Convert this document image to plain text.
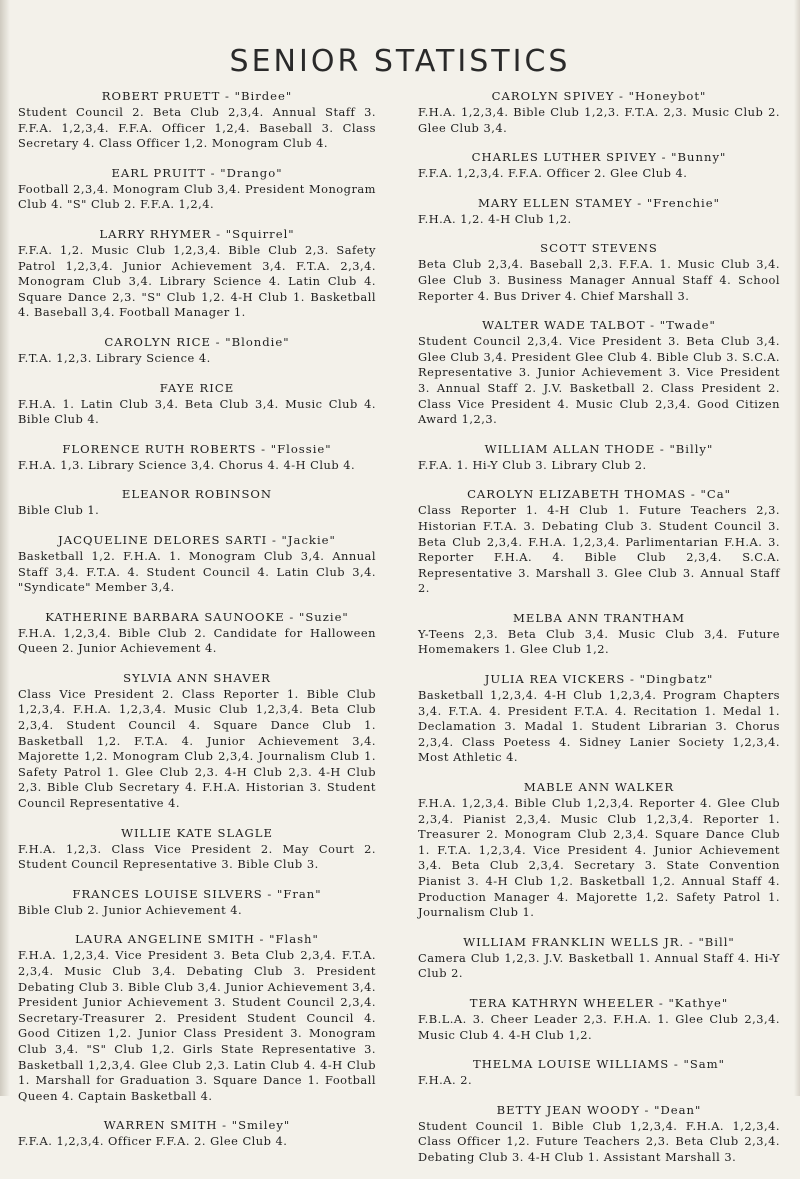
SENIOR STATISTICS
ROBERT PRUETT - "Birdee"
Student Council 2. Beta Club 2,3,4. Annual Staff 3. F.F.A. 1,2,3,4. F.F.A. Officer 1,2,4. Baseball 3. Class Secretary 4. Class Officer 1,2. Monogram Club 4.
EARL PRUITT - "Drango"
Football 2,3,4. Monogram Club 3,4. President Monogram Club 4. "S" Club 2. F.F.A. 1,2,4.
LARRY RHYMER - "Squirrel"
F.F.A. 1,2. Music Club 1,2,3,4. Bible Club 2,3. Safety Patrol 1,2,3,4. Junior Achievement 3,4. F.T.A. 2,3,4. Monogram Club 3,4. Library Science 4. Latin Club 4. Square Dance 2,3. "S" Club 1,2. 4-H Club 1. Basketball 4. Baseball 3,4. Football Manager 1.
CAROLYN RICE - "Blondie"
F.T.A. 1,2,3. Library Science 4.
FAYE RICE
F.H.A. 1. Latin Club 3,4. Beta Club 3,4. Music Club 4. Bible Club 4.
FLORENCE RUTH ROBERTS - "Flossie"
F.H.A. 1,3. Library Science 3,4. Chorus 4. 4-H Club 4.
ELEANOR ROBINSON
Bible Club 1.
JACQUELINE DELORES SARTI - "Jackie"
Basketball 1,2. F.H.A. 1. Monogram Club 3,4. Annual Staff 3,4. F.T.A. 4. Student Council 4. Latin Club 3,4. "Syndicate" Member 3,4.
KATHERINE BARBARA SAUNOOKE - "Suzie"
F.H.A. 1,2,3,4. Bible Club 2. Candidate for Halloween Queen 2. Junior Achievement 4.
SYLVIA ANN SHAVER
Class Vice President 2. Class Reporter 1. Bible Club 1,2,3,4. F.H.A. 1,2,3,4. Music Club 1,2,3,4. Beta Club 2,3,4. Student Council 4. Square Dance Club 1. Basketball 1,2. F.T.A. 4. Junior Achievement 3,4. Majorette 1,2. Monogram Club 2,3,4. Journalism Club 1. Safety Patrol 1. Glee Club 2,3. 4-H Club 2,3. 4-H Club 2,3. Bible Club Secretary 4. F.H.A. Historian 3. Student Council Representative 4.
WILLIE KATE SLAGLE
F.H.A. 1,2,3. Class Vice President 2. May Court 2. Student Council Representative 3. Bible Club 3.
FRANCES LOUISE SILVERS - "Fran"
Bible Club 2. Junior Achievement 4.
LAURA ANGELINE SMITH - "Flash"
F.H.A. 1,2,3,4. Vice President 3. Beta Club 2,3,4. F.T.A. 2,3,4. Music Club 3,4. Debating Club 3. President Debating Club 3. Bible Club 3,4. Junior Achievement 3,4. President Junior Achievement 3. Student Council 2,3,4. Secretary-Treasurer 2. President Student Council 4. Good Citizen 1,2. Junior Class President 3. Monogram Club 3,4. "S" Club 1,2. Girls State Representative 3. Basketball 1,2,3,4. Glee Club 2,3. Latin Club 4. 4-H Club 1. Marshall for Graduation 3. Square Dance 1. Football Queen 4. Captain Basketball 4.
WARREN SMITH - "Smiley"
F.F.A. 1,2,3,4. Officer F.F.A. 2. Glee Club 4.
CAROLYN SPIVEY - "Honeybot"
F.H.A. 1,2,3,4. Bible Club 1,2,3. F.T.A. 2,3. Music Club 2. Glee Club 3,4.
CHARLES LUTHER SPIVEY - "Bunny"
F.F.A. 1,2,3,4. F.F.A. Officer 2. Glee Club 4.
MARY ELLEN STAMEY - "Frenchie"
F.H.A. 1,2. 4-H Club 1,2.
SCOTT STEVENS
Beta Club 2,3,4. Baseball 2,3. F.F.A. 1. Music Club 3,4. Glee Club 3. Business Manager Annual Staff 4. School Reporter 4. Bus Driver 4. Chief Marshall 3.
WALTER WADE TALBOT - "Twade"
Student Council 2,3,4. Vice President 3. Beta Club 3,4. Glee Club 3,4. President Glee Club 4. Bible Club 3. S.C.A. Representative 3. Junior Achievement 3. Vice President 3. Annual Staff 2. J.V. Basketball 2. Class President 2. Class Vice President 4. Music Club 2,3,4. Good Citizen Award 1,2,3.
WILLIAM ALLAN THODE - "Billy"
F.F.A. 1. Hi-Y Club 3. Library Club 2.
CAROLYN ELIZABETH THOMAS - "Ca"
Class Reporter 1. 4-H Club 1. Future Teachers 2,3. Historian F.T.A. 3. Debating Club 3. Student Council 3. Beta Club 2,3,4. F.H.A. 1,2,3,4. Parlimentarian F.H.A. 3. Reporter F.H.A. 4. Bible Club 2,3,4. S.C.A. Representative 3. Marshall 3. Glee Club 3. Annual Staff 2.
MELBA ANN TRANTHAM
Y-Teens 2,3. Beta Club 3,4. Music Club 3,4. Future Homemakers 1. Glee Club 1,2.
JULIA REA VICKERS - "Dingbatz"
Basketball 1,2,3,4. 4-H Club 1,2,3,4. Program Chapters 3,4. F.T.A. 4. President F.T.A. 4. Recitation 1. Medal 1. Declamation 3. Madal 1. Student Librarian 3. Chorus 2,3,4. Class Poetess 4. Sidney Lanier Society 1,2,3,4. Most Athletic 4.
MABLE ANN WALKER
F.H.A. 1,2,3,4. Bible Club 1,2,3,4. Reporter 4. Glee Club 2,3,4. Pianist 2,3,4. Music Club 1,2,3,4. Reporter 1. Treasurer 2. Monogram Club 2,3,4. Square Dance Club 1. F.T.A. 1,2,3,4. Vice President 4. Junior Achievement 3,4. Beta Club 2,3,4. Secretary 3. State Convention Pianist 3. 4-H Club 1,2. Basketball 1,2. Annual Staff 4. Production Manager 4. Majorette 1,2. Safety Patrol 1. Journalism Club 1.
WILLIAM FRANKLIN WELLS JR. - "Bill"
Camera Club 1,2,3. J.V. Basketball 1. Annual Staff 4. Hi-Y Club 2.
TERA KATHRYN WHEELER - "Kathye"
F.B.L.A. 3. Cheer Leader 2,3. F.H.A. 1. Glee Club 2,3,4. Music Club 4. 4-H Club 1,2.
THELMA LOUISE WILLIAMS - "Sam"
F.H.A. 2.
BETTY JEAN WOODY - "Dean"
Student Council 1. Bible Club 1,2,3,4. F.H.A. 1,2,3,4. Class Officer 1,2. Future Teachers 2,3. Beta Club 2,3,4. Debating Club 3. 4-H Club 1. Assistant Marshall 3.
